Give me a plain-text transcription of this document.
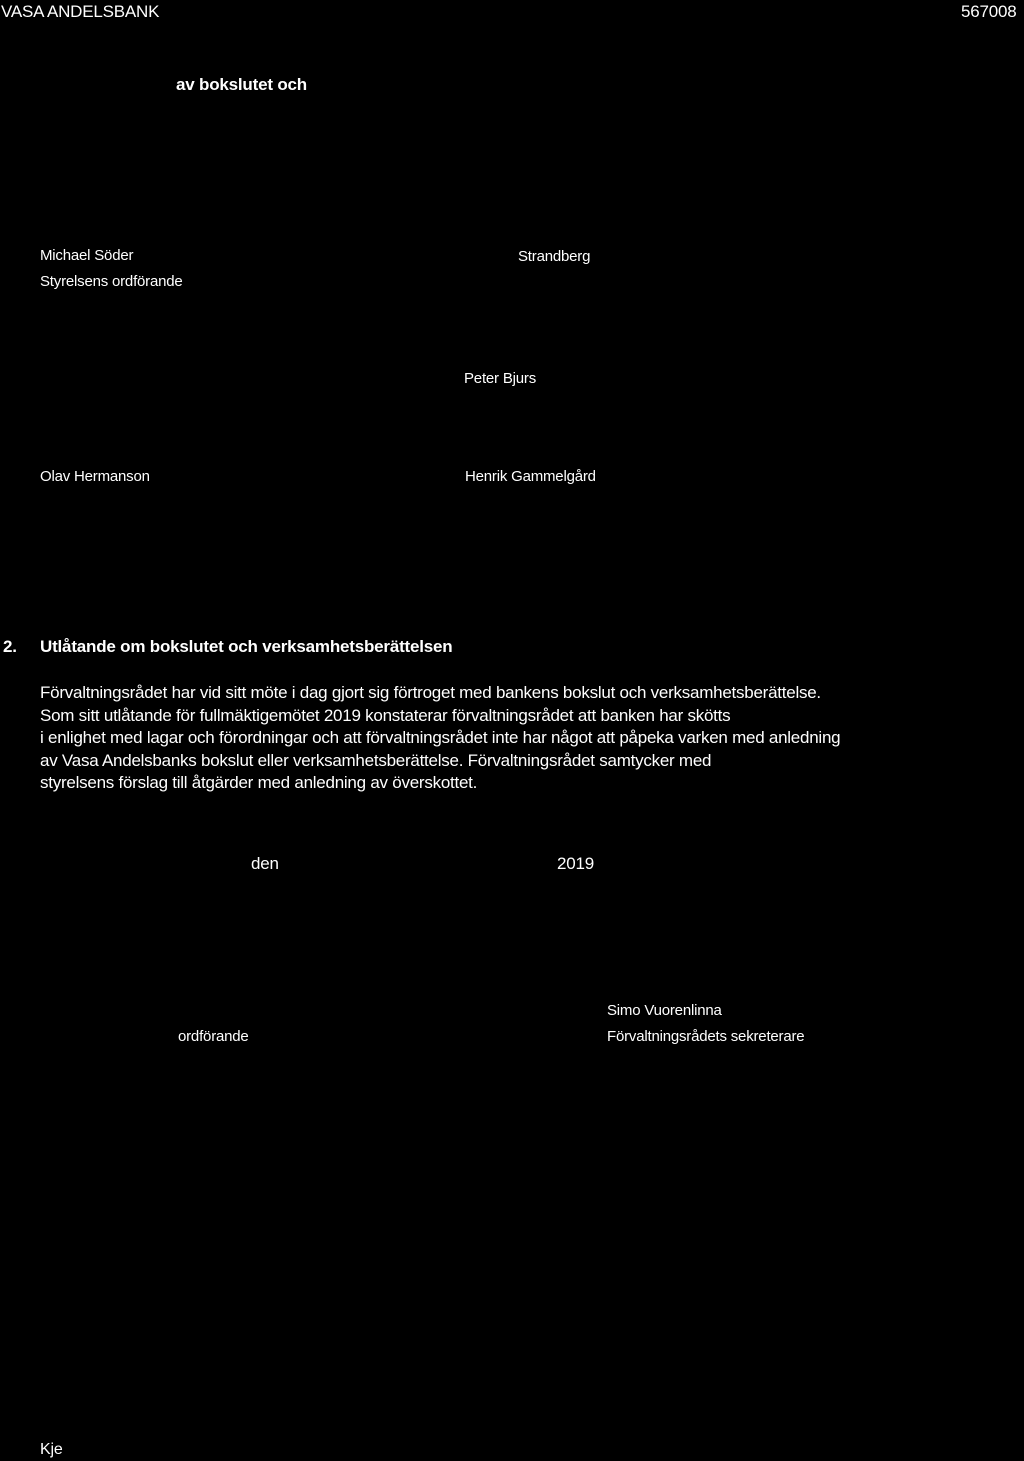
VASA ANDELSBANK	567008
av bokslutet och
Michael Söder
Styrelsens ordförande
Strandberg
Peter Bjurs
Olav Hermanson	Henrik Gammelgård
2. Utlåtande om bokslutet och verksamhetsberättelsen
Förvaltningsrådet har vid sitt möte i dag gjort sig förtroget med bankens bokslut och verksamhetsberättelse.
Som sitt utlåtande för fullmäktigemötet 2019 konstaterar förvaltningsrådet att banken har skötts
i enlighet med lagar och förordningar och att förvaltningsrådet inte har något att påpeka varken med anledning
av Vasa Andelsbanks bokslut eller verksamhetsberättelse. Förvaltningsrådet samtycker med
styrelsens förslag till åtgärder med anledning av överskottet.
den	2019
Simo Vuorenlinna
ordförande	Förvaltningsrådets sekreterare
Kje
